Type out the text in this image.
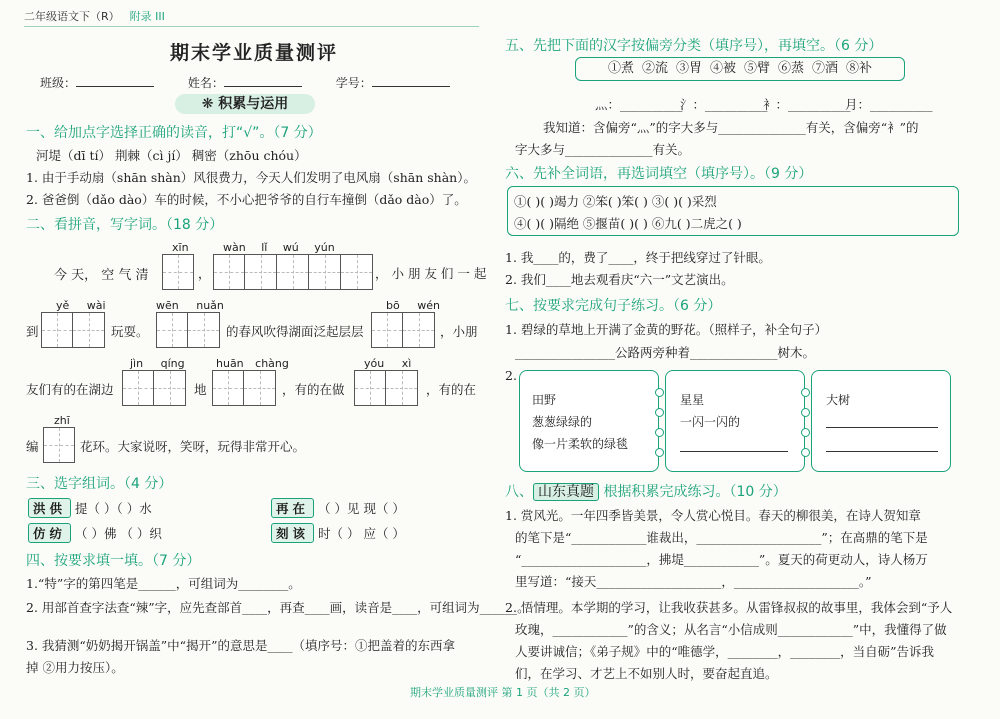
二年级语文下（R） 附录 III
期末学业质量测评
班级：	姓名：	学号：
❋ 积累与运用
一、给加点字选择正确的读音，打“√”。（7 分）
河堤（dī tí） 荆棘（cì jí） 稠密（zhōu chóu）
1. 由于手动扇（shān shàn）风很费力，今天人们发明了电风扇（shān shàn）。
2. 爸爸倒（dǎo dào）车的时候，不小心把爷爷的自行车撞倒（dǎo dào）了。
二、看拼音，写字词。（18 分）
xīn	wàn lǐ wú yún
今 天， 空 气 清	，	， 小 朋 友 们 一 起
yě wài	wēn nuǎn	bō wén
到	玩耍。	的春风吹得湖面泛起层层	，小朋
jìn qíng	huān chàng	yóu xì
友们有的在湖边	地	，有的在做	，有的在
zhī
编	花环。大家说呀，笑呀，玩得非常开心。
三、选字组词。（4 分）
洪供 提（ ）（ ）水	再在 （ ）见 现（ ）
仿纺 （ ）佛 （ ）织	刻该 时（ ） 应（ ）
四、按要求填一填。（7 分）
1.“特”字的第四笔是______，可组词为________。
2. 用部首查字法查“辣”字，应先查部首____，再查____画，读音是____，可组词为______。
3. 我猜测“奶奶揭开锅盖”中“揭开”的意思是____（填序号：①把盖着的东西拿
掉 ②用力按压）。
五、先把下面的汉字按偏旁分类（填序号），再填空。（6 分）
①煮 ②流 ③胃 ④被 ⑤臂 ⑥蒸 ⑦酒 ⑧补
灬：__________
氵：__________
衤：__________
月：__________
我知道：含偏旁“灬”的字大多与______________有关，含偏旁“衤”的
字大多与______________有关。
六、先补全词语，再选词填空（填序号）。（9 分）
①( )( )竭力 ②笨( )笨( ) ③( )( )采烈
④( )( )隔绝 ⑤揠苗( )( ) ⑥九( )二虎之( )
1. 我____的，费了____，终于把线穿过了针眼。
2. 我们____地去观看庆“六一”文艺演出。
七、按要求完成句子练习。（6 分）
1. 碧绿的草地上开满了金黄的野花。（照样子，补全句子）
________________公路两旁种着______________树木。
2.
田野
葱葱绿绿的
像一片柔软的绿毯
星星
一闪一闪的
大树
八、 山东真题 根据积累完成练习。（10 分）
1. 赏风光。一年四季皆美景，令人赏心悦目。春天的柳很美，在诗人贺知章
的笔下是“____________谁裁出，____________________”；在高鼎的笔下是
“____________________，拂堤____________”。夏天的荷更动人，诗人杨万
里写道：“接天____________________，____________________。”
2. 悟情理。本学期的学习，让我收获甚多。从雷锋叔叔的故事里，我体会到“予人
玫瑰，____________”的含义；从名言“小信成则____________”中，我懂得了做
人要讲诚信；《弟子规》中的“唯德学，________，________，当自砺”告诉我
们，在学习、才艺上不如别人时，要奋起直追。
期末学业质量测评 第 1 页（共 2 页）
